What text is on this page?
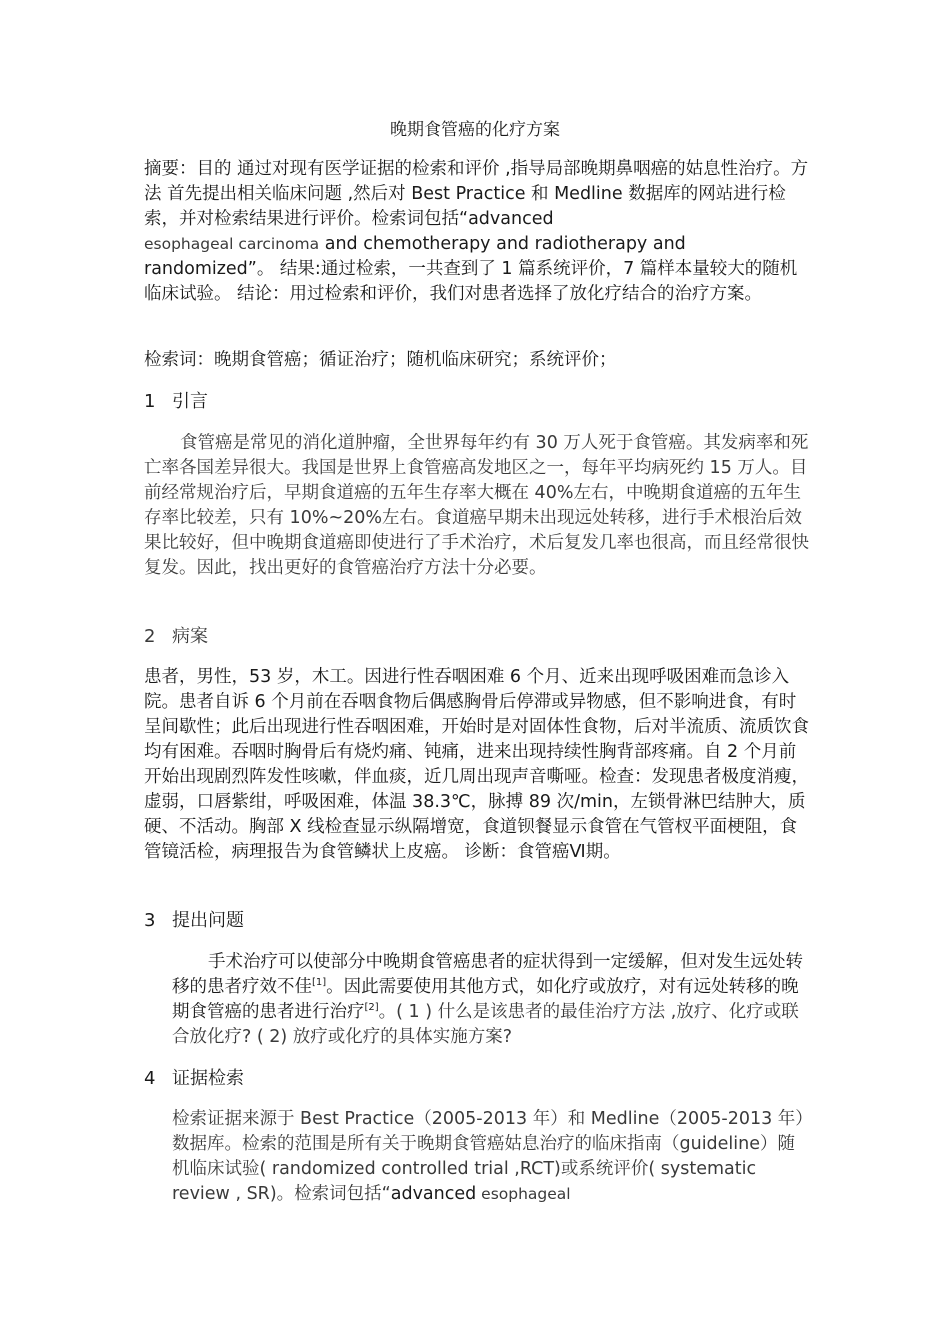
晚期食管癌的化疗方案

摘要：目的 通过对现有医学证据的检索和评价 ,指导局部晚期鼻咽癌的姑息性治疗。方法 首先提出相关临床问题 ,然后对 Best Practice 和 Medline 数据库的网站进行检索，并对检索结果进行评价。检索词包括“advanced
esophageal carcinoma and chemotherapy and radiotherapy and randomized”。 结果:通过检索，一共查到了 1 篇系统评价，7 篇样本量较大的随机临床试验。 结论：用过检索和评价，我们对患者选择了放化疗结合的治疗方案。

检索词：晚期食管癌；循证治疗；随机临床研究；系统评价；

1 引言

食管癌是常见的消化道肿瘤，全世界每年约有 30 万人死于食管癌。其发病率和死亡率各国差异很大。我国是世界上食管癌高发地区之一，每年平均病死约 15 万人。目前经常规治疗后，早期食道癌的五年生存率大概在 40%左右，中晚期食道癌的五年生存率比较差，只有 10%~20%左右。食道癌早期未出现远处转移，进行手术根治后效果比较好，但中晚期食道癌即使进行了手术治疗，术后复发几率也很高，而且经常很快复发。因此，找出更好的食管癌治疗方法十分必要。

2 病案

患者，男性，53 岁，木工。因进行性吞咽困难 6 个月、近来出现呼吸困难而急诊入院。患者自诉 6 个月前在吞咽食物后偶感胸骨后停滞或异物感，但不影响进食，有时呈间歇性；此后出现进行性吞咽困难，开始时是对固体性食物，后对半流质、流质饮食均有困难。吞咽时胸骨后有烧灼痛、钝痛，进来出现持续性胸背部疼痛。自 2 个月前开始出现剧烈阵发性咳嗽，伴血痰，近几周出现声音嘶哑。检查：发现患者极度消瘦，虚弱，口唇紫绀，呼吸困难，体温 38.3℃，脉搏 89 次/min，左锁骨淋巴结肿大，质硬、不活动。胸部 X 线检查显示纵隔增宽，食道钡餐显示食管在气管杈平面梗阻，食管镜活检，病理报告为食管鳞状上皮癌。 诊断：食管癌Ⅵ期。

3 提出问题

手术治疗可以使部分中晚期食管癌患者的症状得到一定缓解，但对发生远处转移的患者疗效不佳[1]。因此需要使用其他方式，如化疗或放疗，对有远处转移的晚期食管癌的患者进行治疗[2]。( 1 ) 什么是该患者的最佳治疗方法 ,放疗、化疗或联合放化疗? ( 2) 放疗或化疗的具体实施方案?

4 证据检索

检索证据来源于 Best Practice（2005-2013 年）和 Medline（2005-2013 年）数据库。检索的范围是所有关于晚期食管癌姑息治疗的临床指南（guideline）随机临床试验( randomized controlled trial ,RCT)或系统评价( systematic review , SR)。检索词包括“advanced esophageal
